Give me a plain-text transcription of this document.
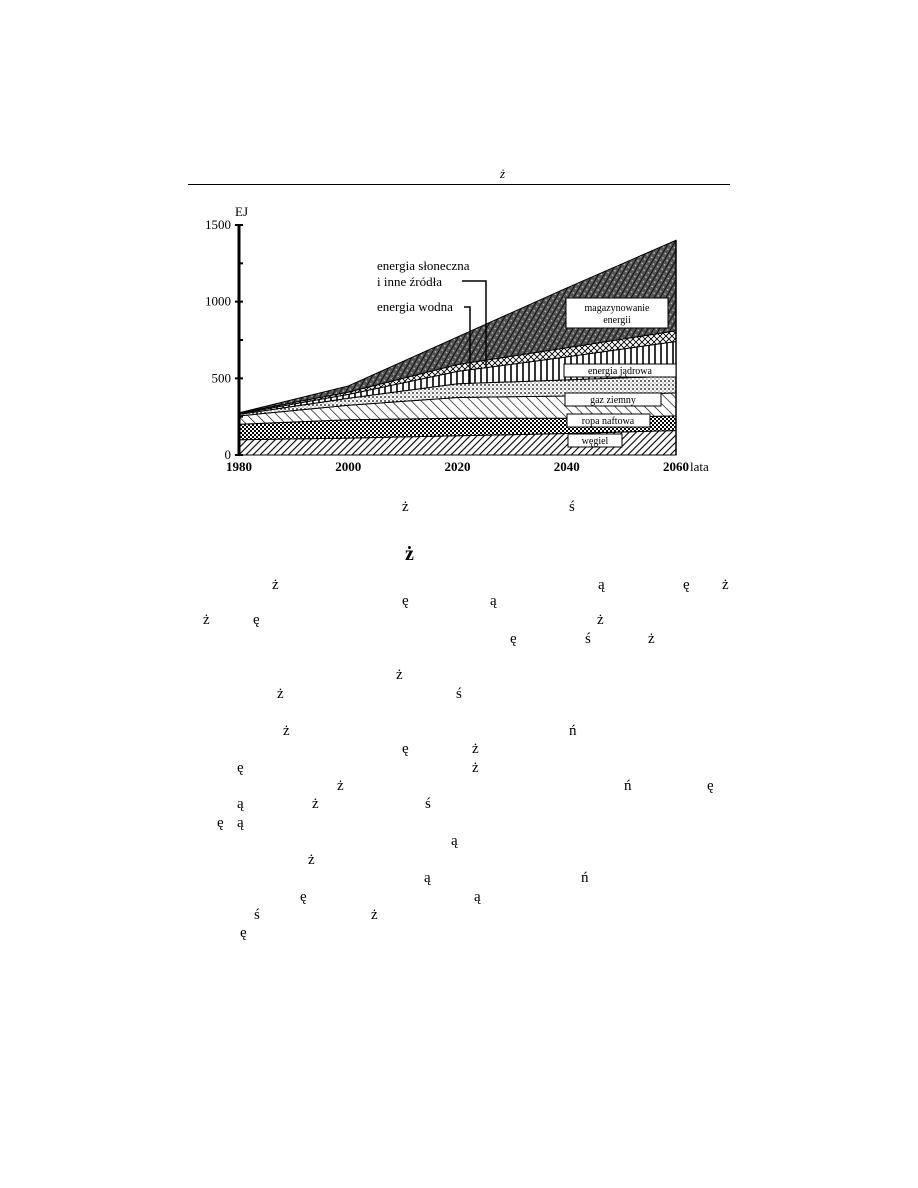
ż
0
500
1000
1500
1980	2000	2020	2040	2060
EJ
lata
magazynowanie
energii
energia jądrowa
gaz ziemny
ropa naftowa
węgiel
energia słoneczna
i inne źródła
energia wodna
ż	ś
ż
ż	ą	ę ż
ę	ą
ż	ę	ż
ę	ś	ż
ż
ż	ś
ż	ń
ę	ż
ę	ż
ż	ń	ę
ą	ż	ś
ę ą
ą
ż
ą	ń
ę	ą
ś	ż
ę
